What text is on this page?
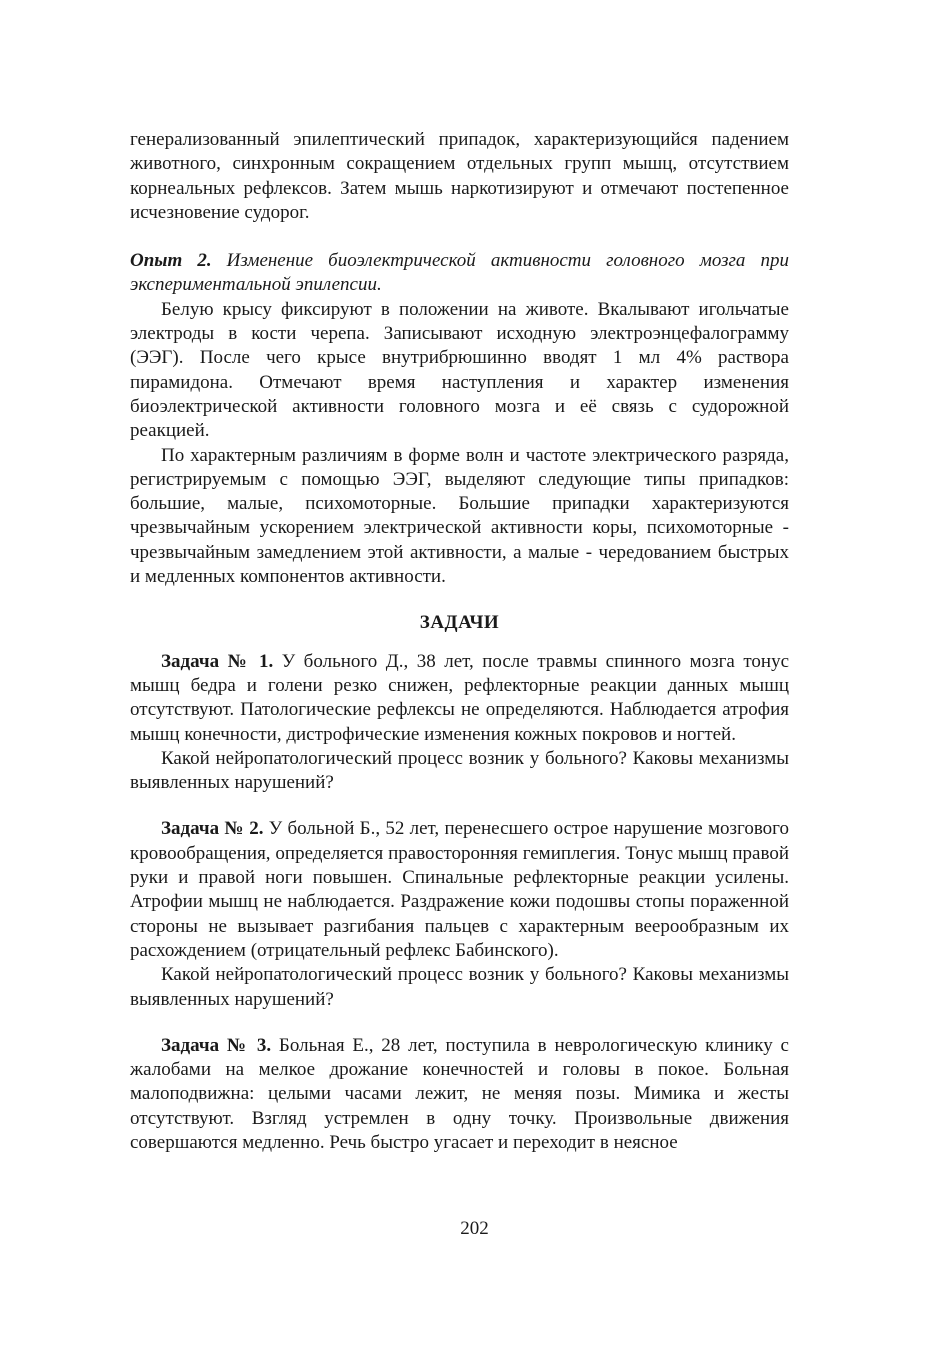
генерализованный эпилептический припадок, характеризующийся падением животного, синхронным сокращением отдельных групп мышц, отсутствием корнеальных рефлексов. Затем мышь наркотизируют и отмечают постепенное исчезновение судорог.

Опыт 2. Изменение биоэлектрической активности головного мозга при экспериментальной эпилепсии.

Белую крысу фиксируют в положении на животе. Вкалывают игольчатые электроды в кости черепа. Записывают исходную электроэнцефалограмму (ЭЭГ). После чего крысе внутрибрюшинно вводят 1 мл 4% раствора пирамидона. Отмечают время наступления и характер изменения биоэлектрической активности головного мозга и её связь с судорожной реакцией.

По характерным различиям в форме волн и частоте электрического разряда, регистрируемым с помощью ЭЭГ, выделяют следующие типы припадков: большие, малые, психомоторные. Большие припадки характеризуются чрезвычайным ускорением электрической активности коры, психомоторные - чрезвычайным замедлением этой активности, а малые - чередованием быстрых и медленных компонентов активности.

ЗАДАЧИ

Задача № 1. У больного Д., 38 лет, после травмы спинного мозга тонус мышц бедра и голени резко снижен, рефлекторные реакции данных мышц отсутствуют. Патологические рефлексы не определяются. Наблюдается атрофия мышц конечности, дистрофические изменения кожных покровов и ногтей.

Какой нейропатологический процесс возник у больного? Каковы механизмы выявленных нарушений?

Задача № 2. У больной Б., 52 лет, перенесшего острое нарушение мозгового кровообращения, определяется правосторонняя гемиплегия. Тонус мышц правой руки и правой ноги повышен. Спинальные рефлекторные реакции усилены. Атрофии мышц не наблюдается. Раздражение кожи подошвы стопы пораженной стороны не вызывает разгибания пальцев с характерным веерообразным их расхождением (отрицательный рефлекс Бабинского).

Какой нейропатологический процесс возник у больного? Каковы механизмы выявленных нарушений?

Задача № 3. Больная Е., 28 лет, поступила в неврологическую клинику с жалобами на мелкое дрожание конечностей и головы в покое. Больная малоподвижна: целыми часами лежит, не меняя позы. Мимика и жесты отсутствуют. Взгляд устремлен в одну точку. Произвольные движения совершаются медленно. Речь быстро угасает и переходит в неясное

202
